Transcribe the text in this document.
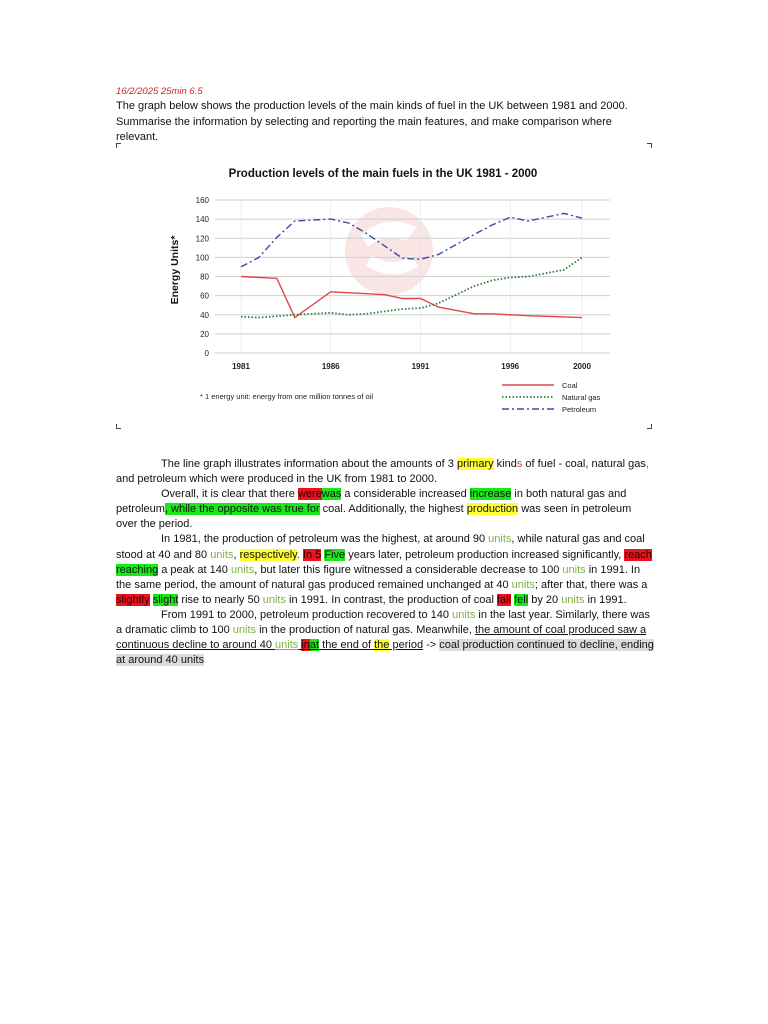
16/2/2025 25min 6.5
The graph below shows the production levels of the main kinds of fuel in the UK between 1981 and 2000. Summarise the information by selecting and reporting the main features, and make comparison where relevant.
Production levels of the main fuels in the UK 1981 - 2000
Energy Units*
0
20
40
60
80
100
120
140
160
1981	1986	1991	1996	2000
* 1 energy unit: energy from one million tonnes of oil
Coal
Natural gas
Petroleum

The line graph illustrates information about the amounts of 3 primary kinds of fuel - coal, natural gas, and petroleum which were produced in the UK from 1981 to 2000.

Overall, it is clear that there werewas a considerable increased increase in both natural gas and petroleum, while the opposite was true for coal. Additionally, the highest production was seen in petroleum over the period.

In 1981, the production of petroleum was the highest, at around 90 units, while natural gas and coal stood at 40 and 80 units, respectively. In 5 Five years later, petroleum production increased significantly, reach reaching a peak at 140 units, but later this figure witnessed a considerable decrease to 100 units in 1991. In the same period, the amount of natural gas produced remained unchanged at 40 units; after that, there was a slightly slight rise to nearly 50 units in 1991. In contrast, the production of coal fall fell by 20 units in 1991.

From 1991 to 2000, petroleum production recovered to 140 units in the last year. Similarly, there was a dramatic climb to 100 units in the production of natural gas. Meanwhile, the amount of coal produced saw a continuous decline to around 40 units inat the end of the period -> coal production continued to decline, ending at around 40 units
